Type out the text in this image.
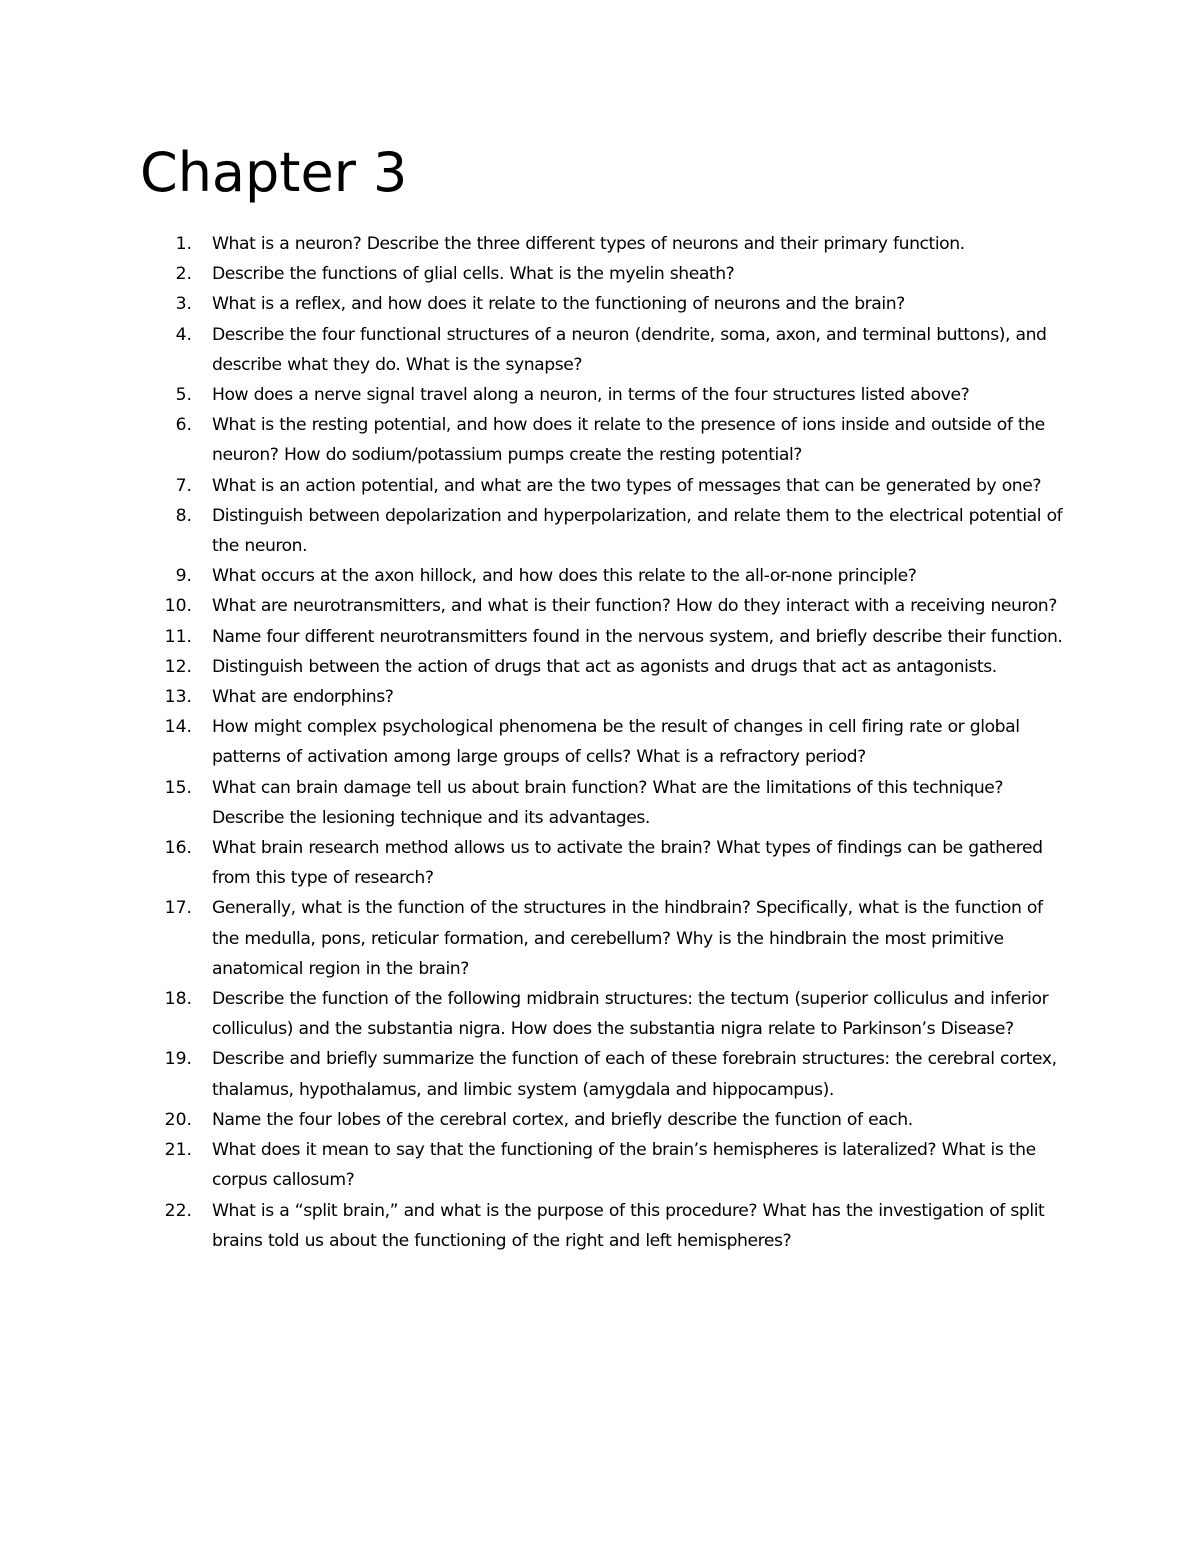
Chapter 3
1. What is a neuron? Describe the three different types of neurons and their primary function.
2. Describe the functions of glial cells. What is the myelin sheath?
3. What is a reflex, and how does it relate to the functioning of neurons and the brain?
4. Describe the four functional structures of a neuron (dendrite, soma, axon, and terminal buttons), and describe what they do. What is the synapse?
5. How does a nerve signal travel along a neuron, in terms of the four structures listed above?
6. What is the resting potential, and how does it relate to the presence of ions inside and outside of the neuron? How do sodium/potassium pumps create the resting potential?
7. What is an action potential, and what are the two types of messages that can be generated by one?
8. Distinguish between depolarization and hyperpolarization, and relate them to the electrical potential of the neuron.
9. What occurs at the axon hillock, and how does this relate to the all-or-none principle?
10. What are neurotransmitters, and what is their function? How do they interact with a receiving neuron?
11. Name four different neurotransmitters found in the nervous system, and briefly describe their function.
12. Distinguish between the action of drugs that act as agonists and drugs that act as antagonists.
13. What are endorphins?
14. How might complex psychological phenomena be the result of changes in cell firing rate or global patterns of activation among large groups of cells? What is a refractory period?
15. What can brain damage tell us about brain function? What are the limitations of this technique? Describe the lesioning technique and its advantages.
16. What brain research method allows us to activate the brain? What types of findings can be gathered from this type of research?
17. Generally, what is the function of the structures in the hindbrain? Specifically, what is the function of the medulla, pons, reticular formation, and cerebellum? Why is the hindbrain the most primitive anatomical region in the brain?
18. Describe the function of the following midbrain structures: the tectum (superior colliculus and inferior colliculus) and the substantia nigra. How does the substantia nigra relate to Parkinson’s Disease?
19. Describe and briefly summarize the function of each of these forebrain structures: the cerebral cortex, thalamus, hypothalamus, and limbic system (amygdala and hippocampus).
20. Name the four lobes of the cerebral cortex, and briefly describe the function of each.
21. What does it mean to say that the functioning of the brain’s hemispheres is lateralized? What is the corpus callosum?
22. What is a “split brain,” and what is the purpose of this procedure? What has the investigation of split brains told us about the functioning of the right and left hemispheres?
